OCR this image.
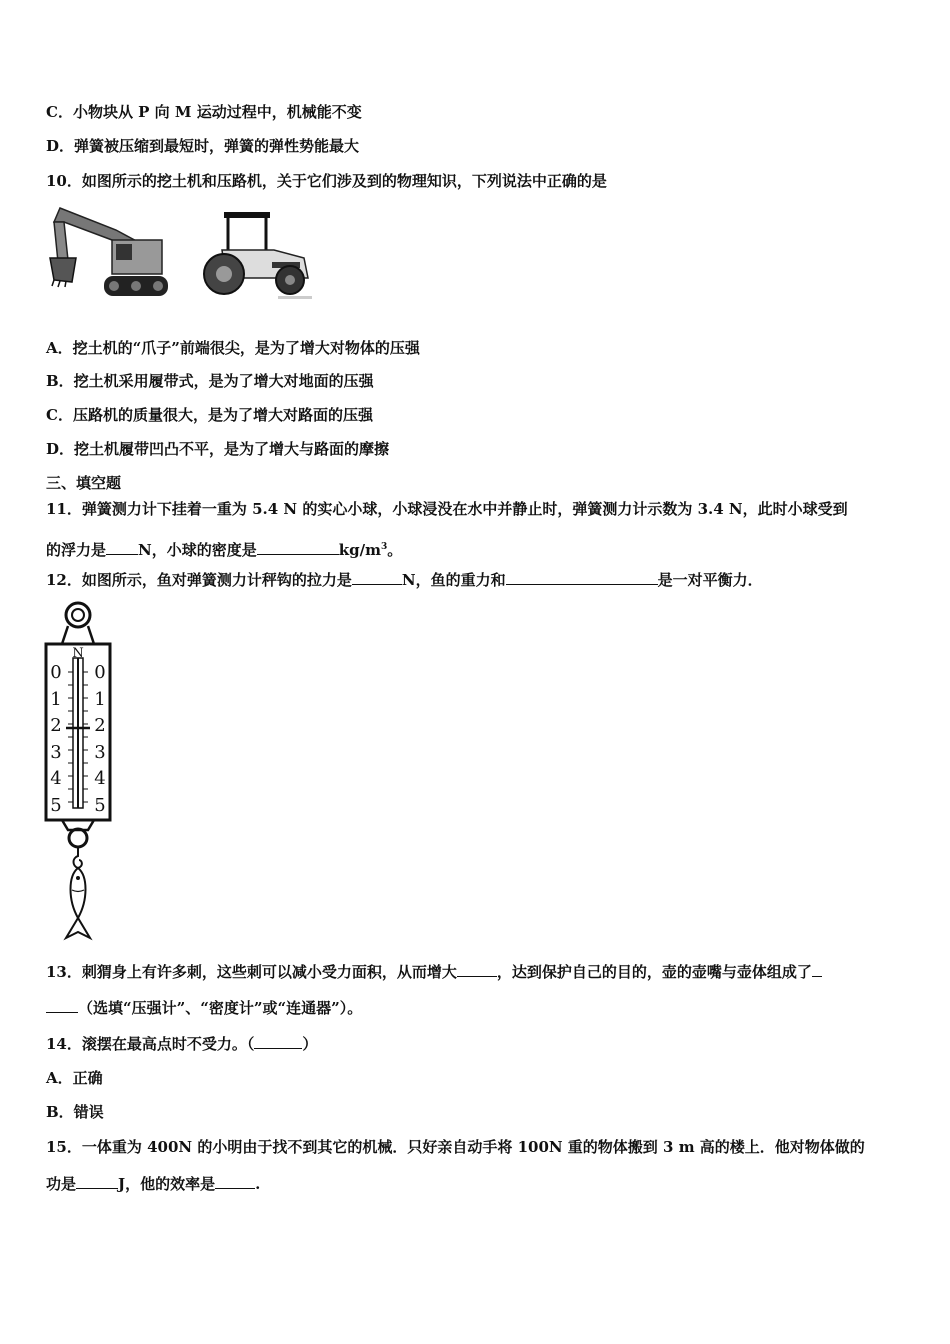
C．小物块从 P 向 M 运动过程中，机械能不变
D．弹簧被压缩到最短时，弹簧的弹性势能最大
10．如图所示的挖土机和压路机，关于它们涉及到的物理知识，下列说法中正确的是
A．挖土机的“爪子”前端很尖，是为了增大对物体的压强
B．挖土机采用履带式，是为了增大对地面的压强
C．压路机的质量很大，是为了增大对路面的压强
D．挖土机履带凹凸不平，是为了增大与路面的摩擦
三、填空题
11．弹簧测力计下挂着一重为 5.4 N 的实心小球，小球浸没在水中并静止时，弹簧测力计示数为 3.4 N，此时小球受到
的浮力是 N，小球的密度是	$kg/m^3$。
12．如图所示，鱼对弹簧测力计秤钩的拉力是	N，鱼的重力和	是一对平衡力．
N
0
1
2
3
4
5
0
1
2
3
4
5
13．刺猬身上有许多刺，这些刺可以减小受力面积，从而增大	，达到保护自己的目的，壶的壶嘴与壶体组成了
（选填“压强计”、“密度计”或“连通器”）。
14．滚摆在最高点时不受力。（	）
A．正确
B．错误
15．一体重为 400N 的小明由于找不到其它的机械．只好亲自动手将 100N 重的物体搬到 3 m 高的楼上．他对物体做的
功是	J，他的效率是	.
